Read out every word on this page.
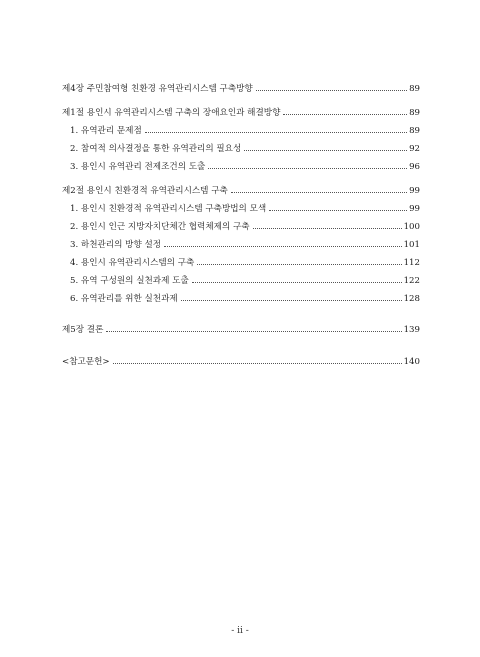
제4장 주민참여형 친환경 유역관리시스템 구축방향	89
제1절 용인시 유역관리시스템 구축의 장애요인과 해결방향	89
1. 유역관리 문제점	89
2. 참여적 의사결정을 통한 유역관리의 필요성	92
3. 용인시 유역관리 전제조건의 도출	96
제2절 용인시 친환경적 유역관리시스템 구축	99
1. 용인시 친환경적 유역관리시스템 구축방법의 모색	99
2. 용인시 인근 지방자치단체간 협력체제의 구축	100
3. 하천관리의 방향 설정	101
4. 용인시 유역관리시스템의 구축	112
5. 유역 구성원의 실천과제 도출	122
6. 유역관리를 위한 실천과제	128
제5장 결론	139
<참고문헌>	140
- ii -
